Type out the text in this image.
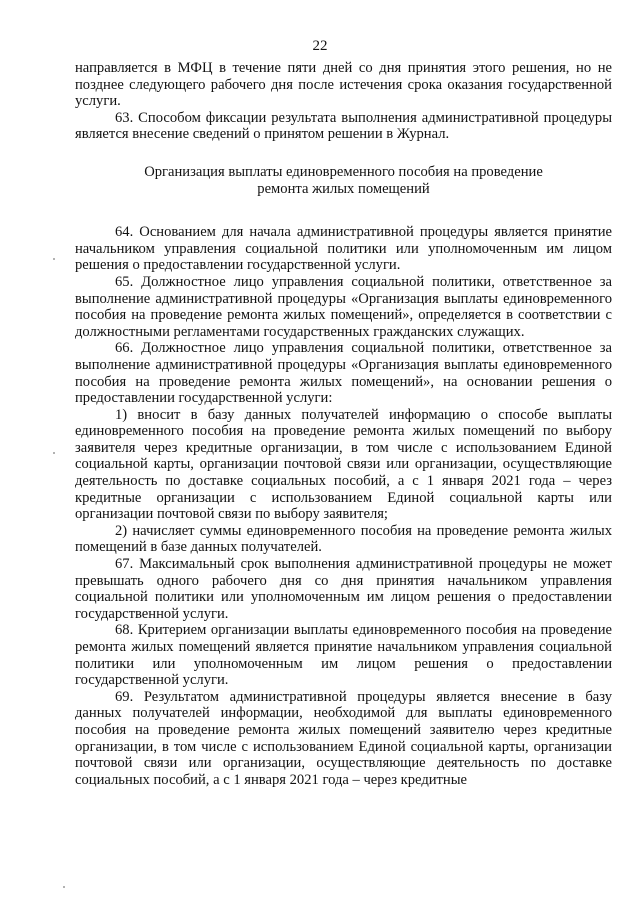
22

направляется в МФЦ в течение пяти дней со дня принятия этого решения, но не позднее следующего рабочего дня после истечения срока оказания государственной услуги.

63. Способом фиксации результата выполнения административной процедуры является внесение сведений о принятом решении в Журнал.

Организация выплаты единовременного пособия на проведение ремонта жилых помещений

64. Основанием для начала административной процедуры является принятие начальником управления социальной политики или уполномоченным им лицом решения о предоставлении государственной услуги.

65. Должностное лицо управления социальной политики, ответственное за выполнение административной процедуры «Организация выплаты единовременного пособия на проведение ремонта жилых помещений», определяется в соответствии с должностными регламентами государственных гражданских служащих.

66. Должностное лицо управления социальной политики, ответственное за выполнение административной процедуры «Организация выплаты единовременного пособия на проведение ремонта жилых помещений», на основании решения о предоставлении государственной услуги:

1) вносит в базу данных получателей информацию о способе выплаты единовременного пособия на проведение ремонта жилых помещений по выбору заявителя через кредитные организации, в том числе с использованием Единой социальной карты, организации почтовой связи или организации, осуществляющие деятельность по доставке социальных пособий, а с 1 января 2021 года – через кредитные организации с использованием Единой социальной карты или организации почтовой связи по выбору заявителя;

2) начисляет суммы единовременного пособия на проведение ремонта жилых помещений в базе данных получателей.

67. Максимальный срок выполнения административной процедуры не может превышать одного рабочего дня со дня принятия начальником управления социальной политики или уполномоченным им лицом решения о предоставлении государственной услуги.

68. Критерием организации выплаты единовременного пособия на проведение ремонта жилых помещений является принятие начальником управления социальной политики или уполномоченным им лицом решения о предоставлении государственной услуги.

69. Результатом административной процедуры является внесение в базу данных получателей информации, необходимой для выплаты единовременного пособия на проведение ремонта жилых помещений заявителю через кредитные организации, в том числе с использованием Единой социальной карты, организации почтовой связи или организации, осуществляющие деятельность по доставке социальных пособий, а с 1 января 2021 года – через кредитные
